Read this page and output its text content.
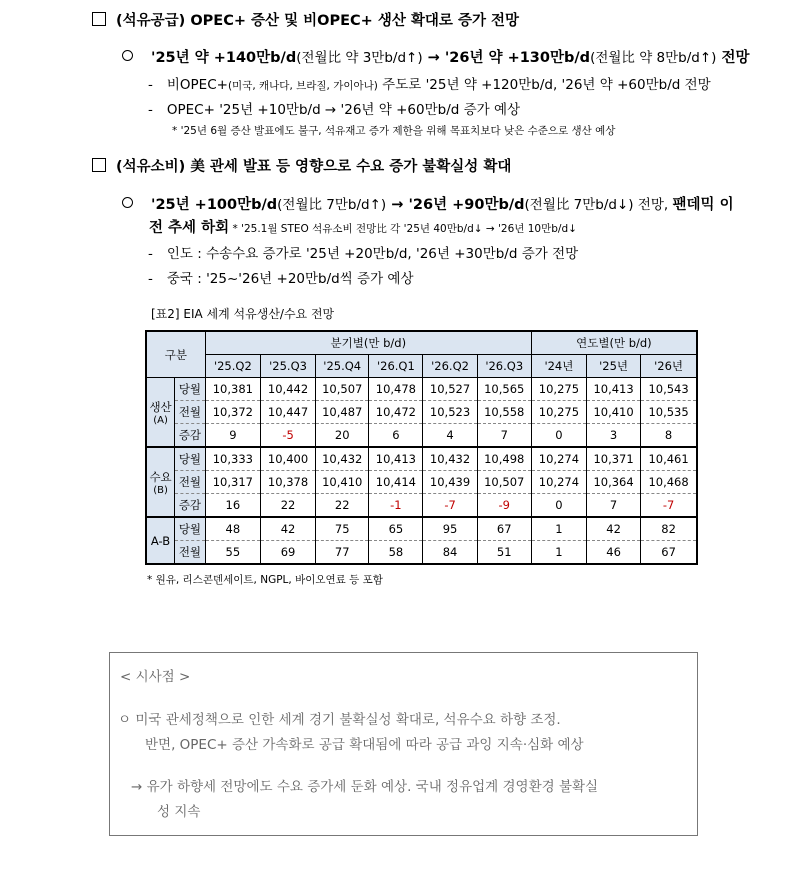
(석유공급) OPEC+ 증산 및 비OPEC+ 생산 확대로 증가 전망
'25년 약 +140만b/d(전월比 약 3만b/d↑) → '26년 약 +130만b/d(전월比 약 8만b/d↑) 전망
- 비OPEC+(미국, 캐나다, 브라질, 가이아나) 주도로 '25년 약 +120만b/d, '26년 약 +60만b/d 전망
- OPEC+ '25년 +10만b/d → '26년 약 +60만b/d 증가 예상
* '25년 6월 증산 발표에도 불구, 석유재고 증가 제한을 위해 목표치보다 낮은 수준으로 생산 예상
(석유소비) 美 관세 발표 등 영향으로 수요 증가 불확실성 확대
'25년 +100만b/d(전월比 7만b/d↑) → '26년 +90만b/d(전월比 7만b/d↓) 전망, 팬데믹 이
전 추세 하회 * '25.1월 STEO 석유소비 전망比 각 '25년 40만b/d↓ → '26년 10만b/d↓
- 인도 : 수송수요 증가로 '25년 +20만b/d, '26년 +30만b/d 증가 전망
- 중국 : '25~'26년 +20만b/d씩 증가 예상
[표2] EIA 세계 석유생산/수요 전망
구분		분기별(만 b/d)						연도별(만 b/d)		
		'25.Q2	'25.Q3	'25.Q4	'26.Q1	'26.Q2	'26.Q3	'24년	'25년	'26년

생산
(A)	당월	10,381	10,442	10,507	10,478	10,527	10,565	10,275	10,413	10,543
	전월	10,372	10,447	10,487	10,472	10,523	10,558	10,275	10,410	10,535
	증감	9	-5	20	6	4	7	0	3	8

수요
(B)	당월	10,333	10,400	10,432	10,413	10,432	10,498	10,274	10,371	10,461
	전월	10,317	10,378	10,410	10,414	10,439	10,507	10,274	10,364	10,468
	증감	16	22	22	-1	-7	-9	0	7	-7

A-B	당월	48	42	75	65	95	67	1	42	82
	전월	55	69	77	58	84	51	1	46	67
* 원유, 리스콘덴세이트, NGPL, 바이오연료 등 포함
< 시사점 >
ㅇ 미국 관세정책으로 인한 세계 경기 불확실성 확대로, 석유수요 하향 조정.
반면, OPEC+ 증산 가속화로 공급 확대됨에 따라 공급 과잉 지속·심화 예상
→ 유가 하향세 전망에도 수요 증가세 둔화 예상. 국내 정유업계 경영환경 불확실
성 지속
